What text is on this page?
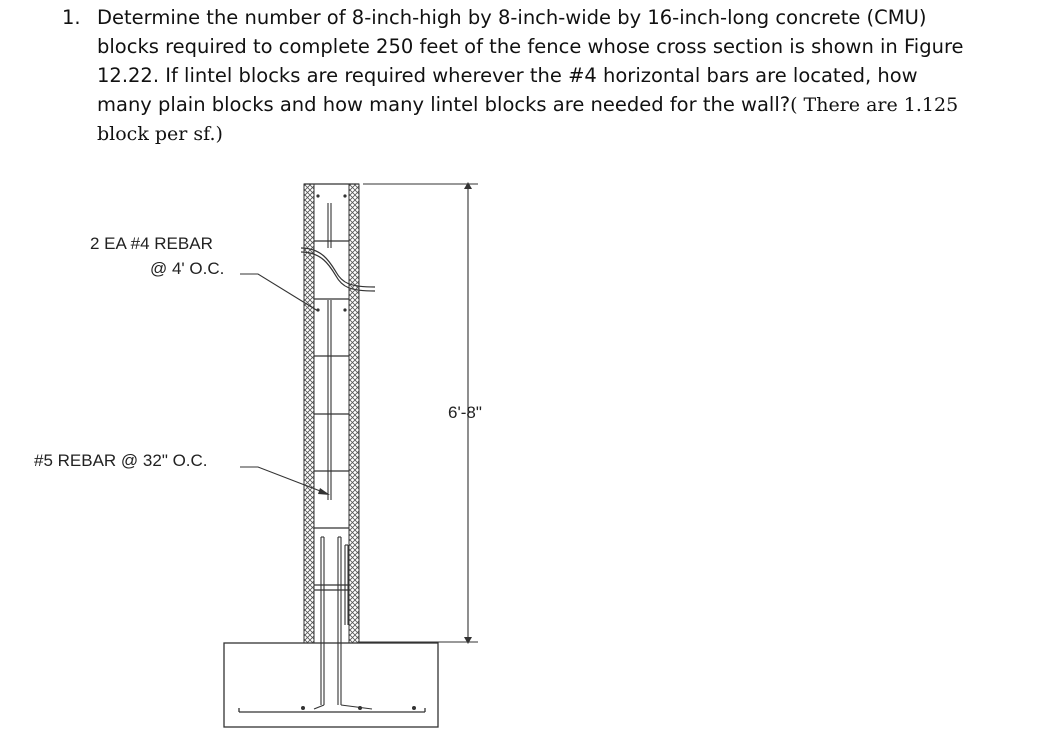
1. Determine the number of 8-inch-high by 8-inch-wide by 16-inch-long concrete (CMU)
blocks required to complete 250 feet of the fence whose cross section is shown in Figure
12.22. If lintel blocks are required wherever the #4 horizontal bars are located, how
many plain blocks and how many lintel blocks are needed for the wall?( There are 1.125
block per sf.)
6'-8"
2 EA #4 REBAR
@ 4' O.C.
#5 REBAR @ 32" O.C.
